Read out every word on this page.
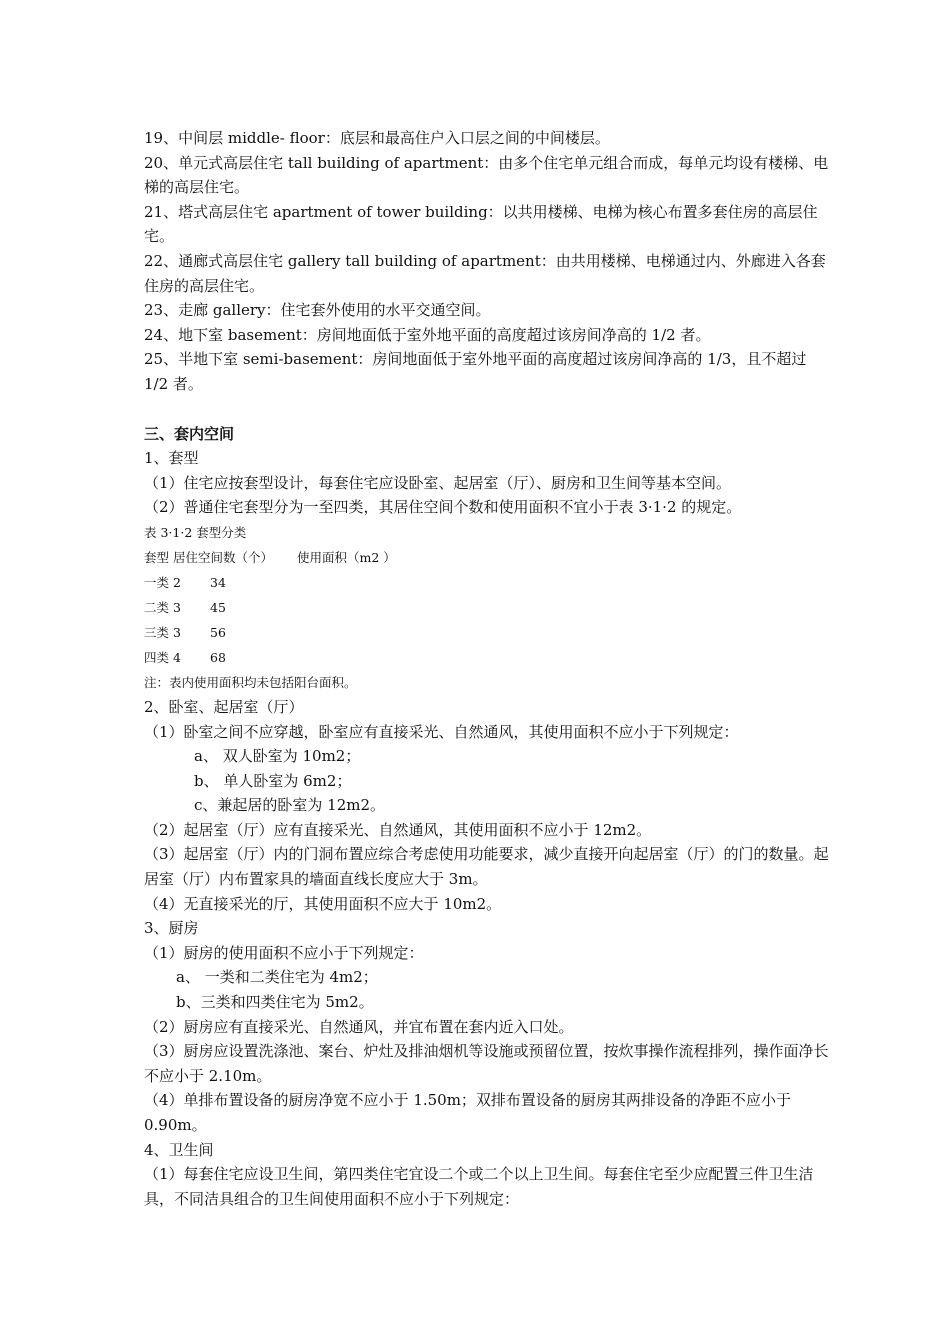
19、中间层 middle- floor：底层和最高住户入口层之间的中间楼层。

20、单元式高层住宅 tall building of apartment：由多个住宅单元组合而成，每单元均设有楼梯、电梯的高层住宅。

21、塔式高层住宅 apartment of tower building：以共用楼梯、电梯为核心布置多套住房的高层住宅。

22、通廊式高层住宅 gallery tall building of apartment：由共用楼梯、电梯通过内、外廊进入各套住房的高层住宅。

23、走廊 gallery：住宅套外使用的水平交通空间。

24、地下室 basement：房间地面低于室外地平面的高度超过该房间净高的 1/2 者。

25、半地下室 semi-basement：房间地面低于室外地平面的高度超过该房间净高的 1/3，且不超过 1/2 者。

三、套内空间

1、套型

（1）住宅应按套型设计，每套住宅应设卧室、起居室（厅）、厨房和卫生间等基本空间。

（2）普通住宅套型分为一至四类，其居住空间个数和使用面积不宜小于表 3·1·2 的规定。

表 3·1·2 套型分类

套型 居住空间数（个） 使用面积（m2 ）

一类 2	34
二类 3	45
三类 3	56
四类 4	68

注：表内使用面积均未包括阳台面积。

2、卧室、起居室（厅）

（1）卧室之间不应穿越，卧室应有直接采光、自然通风，其使用面积不应小于下列规定：

a、 双人卧室为 10m2；

b、 单人卧室为 6m2；

c、兼起居的卧室为 12m2。

（2）起居室（厅）应有直接采光、自然通风，其使用面积不应小于 12m2。

（3）起居室（厅）内的门洞布置应综合考虑使用功能要求，减少直接开向起居室（厅）的门的数量。起居室（厅）内布置家具的墙面直线长度应大于 3m。

（4）无直接采光的厅，其使用面积不应大于 10m2。

3、厨房

（1）厨房的使用面积不应小于下列规定：

a、 一类和二类住宅为 4m2；

b、三类和四类住宅为 5m2。

（2）厨房应有直接采光、自然通风，并宜布置在套内近入口处。

（3）厨房应设置洗涤池、案台、炉灶及排油烟机等设施或预留位置，按炊事操作流程排列，操作面净长不应小于 2.10m。

（4）单排布置设备的厨房净宽不应小于 1.50m；双排布置设备的厨房其两排设备的净距不应小于 0.90m。

4、卫生间

（1）每套住宅应设卫生间，第四类住宅宜设二个或二个以上卫生间。每套住宅至少应配置三件卫生洁具，不同洁具组合的卫生间使用面积不应小于下列规定：
